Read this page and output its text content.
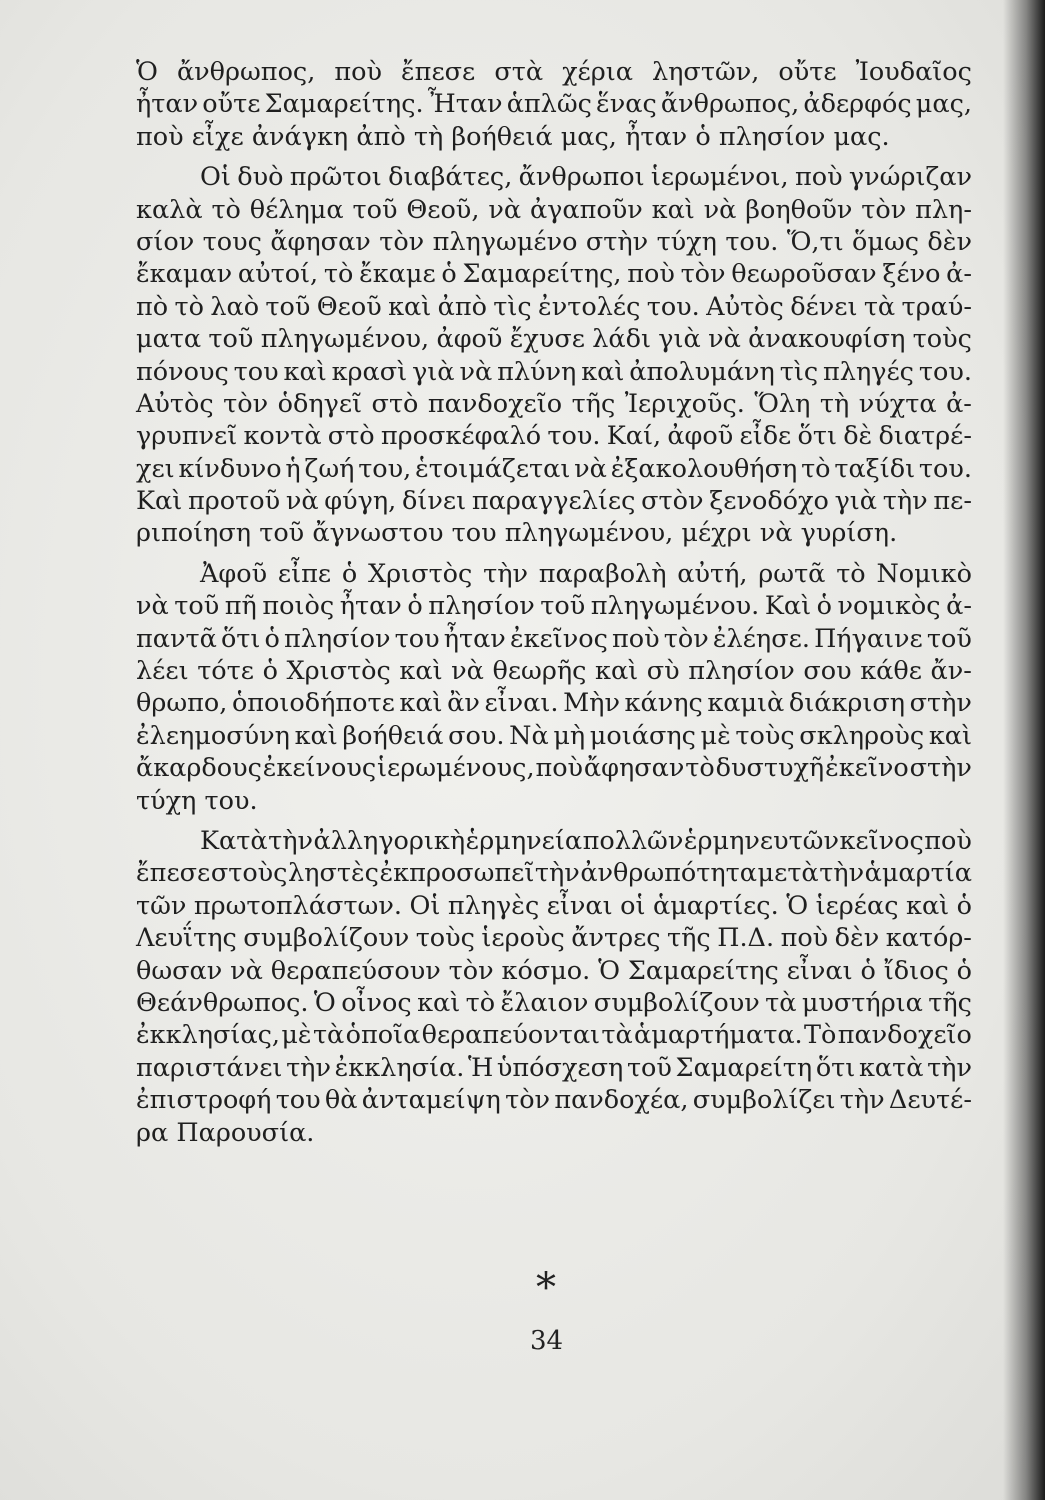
Ὁ ἄνθρωπος, ποὺ ἔπεσε στὰ χέρια ληστῶν, οὔτε Ἰουδαῖος
ἦταν οὔτε Σαμαρείτης. Ἦταν ἁπλῶς ἕνας ἄνθρωπος, ἀδερφός μας,
ποὺ εἶχε ἀνάγκη ἀπὸ τὴ βοήθειά μας, ἦταν ὁ πλησίον μας.
Οἱ δυὸ πρῶτοι διαβάτες, ἄνθρωποι ἱερωμένοι, ποὺ γνώριζαν
καλὰ τὸ θέλημα τοῦ Θεοῦ, νὰ ἀγαποῦν καὶ νὰ βοηθοῦν τὸν πλη-
σίον τους ἄφησαν τὸν πληγωμένο στὴν τύχη του. Ὅ,τι ὅμως δὲν
ἔκαμαν αὐτοί, τὸ ἔκαμε ὁ Σαμαρείτης, ποὺ τὸν θεωροῦσαν ξένο ἀ-
πὸ τὸ λαὸ τοῦ Θεοῦ καὶ ἀπὸ τὶς ἐντολές του. Αὐτὸς δένει τὰ τραύ-
ματα τοῦ πληγωμένου, ἀφοῦ ἔχυσε λάδι γιὰ νὰ ἀνακουφίση τοὺς
πόνους του καὶ κρασὶ γιὰ νὰ πλύνη καὶ ἀπολυμάνη τὶς πληγές του.
Αὐτὸς τὸν ὁδηγεῖ στὸ πανδοχεῖο τῆς Ἰεριχοῦς. Ὅλη τὴ νύχτα ἀ-
γρυπνεῖ κοντὰ στὸ προσκέφαλό του. Καί, ἀφοῦ εἶδε ὅτι δὲ διατρέ-
χει κίνδυνο ἡ ζωή του, ἑτοιμάζεται νὰ ἐξακολουθήση τὸ ταξίδι του.
Καὶ προτοῦ νὰ φύγη, δίνει παραγγελίες στὸν ξενοδόχο γιὰ τὴν πε-
ριποίηση τοῦ ἄγνωστου του πληγωμένου, μέχρι νὰ γυρίση.
Ἀφοῦ εἶπε ὁ Χριστὸς τὴν παραβολὴ αὐτή, ρωτᾶ τὸ Νομικὸ
νὰ τοῦ πῆ ποιὸς ἦταν ὁ πλησίον τοῦ πληγωμένου. Καὶ ὁ νομικὸς ἀ-
παντᾶ ὅτι ὁ πλησίον του ἦταν ἐκεῖνος ποὺ τὸν ἐλέησε. Πήγαινε τοῦ
λέει τότε ὁ Χριστὸς καὶ νὰ θεωρῆς καὶ σὺ πλησίον σου κάθε ἄν-
θρωπο, ὁποιοδήποτε καὶ ἂν εἶναι. Μὴν κάνης καμιὰ διάκριση στὴν
ἐλεημοσύνη καὶ βοήθειά σου. Νὰ μὴ μοιάσης μὲ τοὺς σκληροὺς καὶ
ἄκαρδους ἐκείνους ἱερωμένους, ποὺ ἄφησαν τὸ δυστυχῆ ἐκεῖνο στὴν
τύχη του.
Κατὰ τὴν ἀλληγορικὴ ἑρμηνεία πολλῶν ἑρμηνευτῶν κεῖνος ποὺ
ἔπεσε στοὺς ληστὲς ἐκπροσωπεῖ τὴν ἀνθρωπότητα μετὰ τὴν ἁμαρτία
τῶν πρωτοπλάστων. Οἱ πληγὲς εἶναι οἱ ἁμαρτίες. Ὁ ἱερέας καὶ ὁ
Λευΐτης συμβολίζουν τοὺς ἱεροὺς ἄντρες τῆς Π.Δ. ποὺ δὲν κατόρ-
θωσαν νὰ θεραπεύσουν τὸν κόσμο. Ὁ Σαμαρείτης εἶναι ὁ ἴδιος ὁ
Θεάνθρωπος. Ὁ οἶνος καὶ τὸ ἔλαιον συμβολίζουν τὰ μυστήρια τῆς
ἐκκλησίας, μὲ τὰ ὁποῖα θεραπεύονται τὰ ἁμαρτήματα. Τὸ πανδοχεῖο
παριστάνει τὴν ἐκκλησία. Ἡ ὑπόσχεση τοῦ Σαμαρείτη ὅτι κατὰ τὴν
ἐπιστροφή του θὰ ἀνταμείψη τὸν πανδοχέα, συμβολίζει τὴν Δευτέ-
ρα Παρουσία.
*
34
